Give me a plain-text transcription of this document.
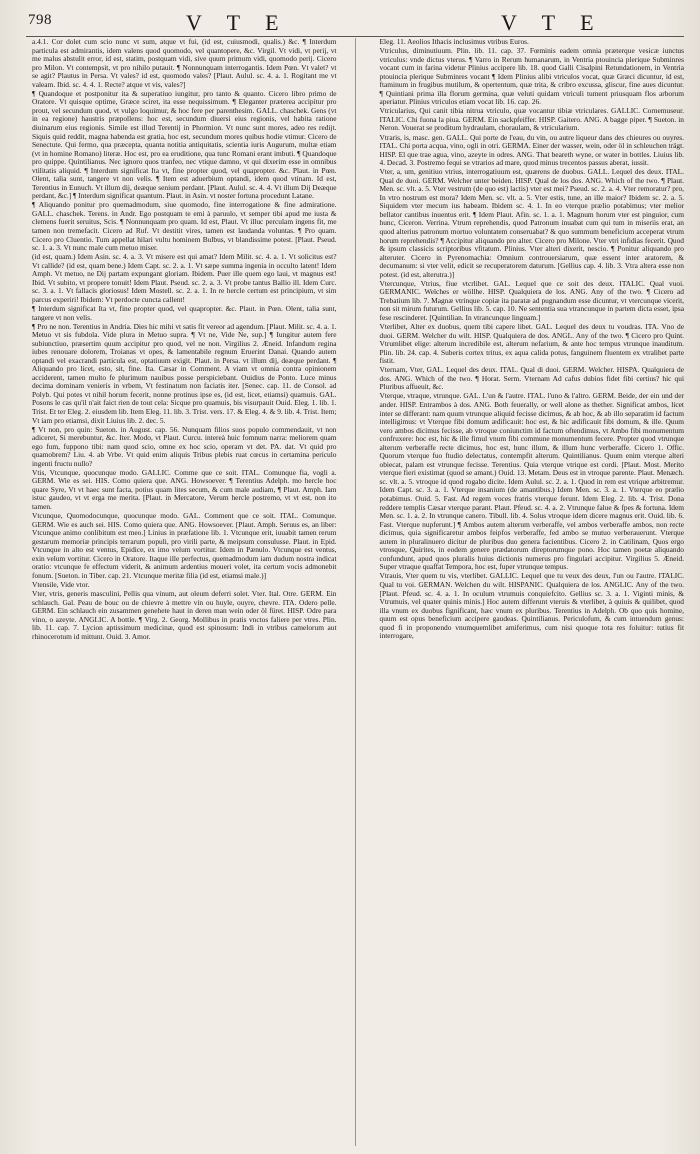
798	V T E	V T E

a.4.1. Cor dolet cum scio nunc vt sum, atque vt fui, (id est, cuiusmodi, qualis.) &c. ¶ Interdum particula est admirantis, idem valens quod quomodo, vel quantopere, &c. Virgil. Vt vidi, vt perij, vt me malus abstulit error, id est, statim, postquam vidi, sive quum primum vidi, quomodo perij. Cicero pro Milon. Vt contempsit, vt pro nihilo putauit. ¶ Nonnunquam interrogantis. Idem Pœn. Vt valet? vt se agit? Plautus in Persa. Vt vales? id est, quomodo vales? [Plaut. Aulul. sc. 4. a. 1. Rogitant me vt valeam. Ibid. sc. 4. 4. 1. Recte? atque vt vis, vales?]

¶ Quandoque et postponitur ita & superatiuo iungitur, pro tanto & quanto. Cicero libro primo de Oratore. Vt quisque optime, Græce sciret, ita esse nequissimum. ¶ Eleganter præterea accipitur pro prout, vel secundum quod, vt vulgo loquimur, & hoc fere per parenthesim. GALL. chaschek. Gens (vt in ea regione) haustris præpollens: hoc est, secundum diuersi eius regionis, vel habita ratione diuinarum eius regionis. Simile est illud Terentij in Phormion. Vt nunc sunt mores, adeo res redijt. Siquis quid reddit, magna habenda est gratia, hoc est, secundum mores quibus hodie vtimur. Cicero de Senectute. Qui fermo, qua præcepta, quanta notitia antiquitatis, scientia iuris Augurum, multæ etiam (vt in homine Romano) literæ. Hoc est, pro ea eruditione, qua tunc Romani erant imbuti. ¶ Quandoque pro quippe. Quintilianus. Nec ignoro quos tranfeo, nec vtique damno, vt qui dixerim esse in omnibus vtilitatis aliquid. ¶ Interdum significat Ita vt, fine propter quod, vel quapropter. &c. Plaut. in Pœn. Olent, talia sunt, tangere vt non velis. ¶ Item est aduerbium optandi, idem quod vtinam. Id est, Terentius in Eunuch. Vt illum dij, deæque senium perdant. [Plaut. Aulul. sc. 4. 4. Vt illum Dij Deæque perdant, &c.] ¶ Interdum significat quantum. Plaut. in Asin. vt noster fortuna procedunt Latane.

¶ Aliquando ponitur pro quemadmodum, siue quomodo, fine interrogatione & fine admiratione. GALL. chaschek. Terens. in Andr. Ego postquam te emi à paruulo, vt semper tibi apud me iusta & clemens fuerit seruitus, Scis. ¶ Nonnunquam pro quam. Id est, Plaut. Vt illuc perculam ingens fit, me tamen non tremefacit. Cicero ad Ruf. Vt destitit vires, tamen est laudanda voluntas. ¶ Pro quam. Cicero pro Cluentio. Tum appellat hilari vultu hominem Bulbus, vt blandissime potest. [Plaut. Pseud. sc. 1. a. 3. Vt nunc male cum metuo miser.

(id est, quam.) Idem Asin. sc. 4. a. 3. Vt misere est qui amat? Idem Milit. sc. 4. a. 1. Vt solicitus est? Vt callide? (id est, quam bene.) Idem Capt. sc. 2. a. 1. Vt sæpe summa ingenia in occulto latent! Idem Amph. Vt metuo, ne Dij partam expungant gloriam. Ibidem. Puer ille quem ego laui, vt magnus est! Ibid. Vt subito, vt propere tonuit! Idem Plaut. Pseud. sc. 2. a. 3. Vt probe tantus Ballio ill. Idem Curc. sc. 3. a. 1. Vt fallacis gloriosus! Idem Mostell. sc. 2. a. 1. In re hercle certum est principium, vt sim parcus experiri! Ibidem: Vt perdocte cuncta callent!

¶ Interdum significat Ita vt, fine propter quod, vel quapropter. &c. Plaut. in Pœn. Olent, talia sunt, tangere vt non velis.

¶ Pro ne non. Terentius in Andria. Dies hic mihi vt satis fit vereor ad agendum. [Plaut. Milit. sc. 4. a. 1. Metuo vt sis fubdola. Vide plura in Metuo supra. ¶ Vt ne, Vide Ne, sup.] ¶ Iungitur autem fere subiunctiuo, præsertim quum accipitur pro quod, vel ne non. Virgilius 2. Æneid. Infandum regina iubes renouare dolorem, Troianas vt opes, & lamentabile regnum Eruerint Danai. Quando autem optandi vel exacrandi particula est, optatiuum exigit. Plaut. in Persa. vt illum dij, deæque perdant. ¶ Aliquando pro licet, esto, sit, fine. Ita. Cæsar in Comment. A viam vt omnia contra opinionem acciderent, tamen multo fe plurimum nauibus posse perspiciebant. Ouidius de Ponto. Luce minus decima dominam venieris in vrbem, Vt festinatum non faciatis iter. [Senec. cap. 11. de Consol. ad Polyb. Qui potes vt nihil horum fecerit, nonne protinus ipse es, (id est, licet, etiamsi) quamuis. GAL. Posons le cas qu'il n'ait faict rien de tout cela: Sicque pro quamuis, bis visurpauit Ouid. Eleg. 1. lib. 1. Trist. Et ter Eleg. 2. eiusdem lib. Item Eleg. 11. lib. 3. Trist. vers. 17. & Eleg. 4. & 9. lib. 4. Trist. Item; Vt iam pro etiamsi, dixit Liuius lib. 2. dec. 5.

¶ Vt non, pro quin: Sueton. in August. cap. 56. Nunquam filios suos populo commendauit, vt non adiceret, Si merebuntur, &c. Iter. Modo, vt Plaut. Curcu. intereà huic fomnum narra: meliorem quam ego fum, fuppono tibi: nam quod scio, omne ex hoc scio, operam vt det. PA. dat. Vt quid pro quamobrem? Liu. 4. ab Vrbe. Vt quid enim aliquis Tribus plebis ruat cœcus in certamina periculo ingenti fructu nullo?

Vtis, Vtcunque, quocunque modo. GALLIC. Comme que ce soit. ITAL. Comunque fia, vogli a. GERM. Wie es sei. HIS. Como quiera que. ANG. Howsoever. ¶ Terentius Adelph. mo hercle hoc quare Syre, Vt vt haec sunt facta, potius quam lites secum, & cum male audiam, ¶ Plaut. Amph. Iam istuc gaudeo, vt vt erga me merita. [Plaut. in Mercatore, Verum hercle postremo, vt vt est, non ito tamen.

Vtcunque, Quomodocunque, quocunque modo. GAL. Comment que ce soit. ITAL. Comunque. GERM. Wie es auch sei. HIS. Como quiera que. ANG. Howsoever. [Plaut. Amph. Seruus es, an liber: Vtcunque animo conlibitum est meo.] Linius in præfatione lib. 1. Vtcunque erit, iuuabit tamen rerum gestarum memoriæ principis terrarum populi, pro virili parte, & meipsum consulusse. Plaut. in Epid. Vtcunque in alto est ventus, Epidice, ex imo velum vortitur. Idem in Pænulo. Vtcunque est ventus, exin velum vortitur. Cicero in Oratore. Itaque ille perfectus, quemadmodum iam dudum nostra indicat oratio: vtcunque fe effectum viderit, & animum ardentius moueri volet, ita certum vocis admonebit fonum. [Sueton. in Tiber. cap. 21. Vtcunque meritæ filia (id est, etiamsi male.)]

Vtensile, Vide vtor.

Vter, vtris, generis masculini, Pellis qua vinum, aut oleum deferri solet. Vter. Ital. Otre. GERM. Ein schlauch. Gal. Peau de bouc ou de chievre à mettre vin ou huyle, ouyre, chevre. ITA. Odero pelle. GERM. Ein schlauch ein zusammen genehete haut in deren man wein oder öl füret. HISP. Odre para vino, o azeyte. ANGLIC. A bottle. ¶ Virg. 2. Georg. Mollibus in pratis vnctos faliere per vtres. Plin. lib. 11. cap. 7. Lycion aptissimum medicinæ, quod est spinosum: Indi in vtribus camelorum aut rhinocerotum id mittunt. Ouid. 3. Amor.

Eleg. 11. Aeolios Ithacis inclusimus vtribus Euros.

Vtriculus, diminutiuum. Plin. lib. 11. cap. 37. Fœminis eadem omnia præterque vesicæ iunctus vtriculus: vnde dictus vterus. ¶ Varro in Rerum humanarum, in Ventria ptouincia plerique Subminres vocant cum in farina videtur Plinius accipere lib. 18. quod Galli Cisalpini Retundationem, in Ventria ptouincia plerique Subminres vocant ¶ Idem Plinius alibi vtriculos vocat, quæ Græci dicuntur, id est, ftaminum in frugibus mutilum, & opertentum, quæ trita, & cribro excussa, gliscur, fine aues dicuntur. ¶ Quintiani prima illa florum germina, quæ veluti quidam vtriculi tument priusquam flos arborum aperiatur. Plinius vtriculos etiam vocat lib. 16. cap. 26.

Vtricularius, Qui canit tibia nitrua vtriculo, quæ vocantur tibiæ vtriculares. GALLIC. Cornemuseur. ITALIC. Chi fuona la piua. GERM. Ein sackpfeiffer. HISP. Gaitero. ANG. A bagge piper. ¶ Sueton. in Neron. Vouerat se proditum hydraulam, choraulam, & vtricularium.

Vtraris, is, masc. gen. GALL. Qui porte de l'eau, du vin, ou autre liqueur dans des chieures ou ouyres. ITAL. Chi porta acqua, vino, ogli in otri. GERMA. Einer der wasser, wein, oder öl in schleuchen trägt. HISP. El que trae agua, vino, azeyte in odres. ANG. That beareth wyne, or water in bottles. Liuius lib. 4. Decad. 3. Postremo fequi se vtrarios ad mare, quod minus trecentos passus aberat, iussit.

Vter, a, um, genitiuo vtrius, interrogatiuum est, quærens de duobus. GALL. Lequel des deux. ITAL. Qual de duoi. GERM. Welcher unter beiden. HISP. Qual de los dos. ANG. Which of the two. ¶ Plaut. Men. sc. vlt. a. 5. Vter vestrum (de quo est) lactis) vter est mei? Pseud. sc. 2. a. 4. Vter remoratur? pro, In vtro nostrum est mora? Idem Men. sc. vlt. a. 5. Vter estis, tune, an ille maior? Ibidem sc. 2. a. 5. Siquidem vter mecum ius habeam. Ibidem sc. 4. 1. In eo vterque prælio potabimus; vter melior bellator cantibus inuentus erit. ¶ Idem Plaut. Afin. sc. 1. a. 1. Magnum horum vter est pinguior, cum hunc, Ciceron. Verrina. Vtrum reprehendis, quod Patronum inuabat cum qui tum in miseriis erat, an quod alterius patronum mortuo voluntatem conseruabat? & quo summum beneficium acceperat vtrum horum reprehendis? ¶ Accipitur aliquando pro alter. Cicero pro Milone. Vter vtri infidias fecerit. Quod & ipsum classicis scriptoribus vfitatum. Plinius. Vter alteri dixerit, nescio. ¶ Ponitur aliquando pro alteruter. Cicero in Pyrenomachia: Omnium controuersiarum, quæ essent inter aratorem, & decumanum: si vter velit, edicit se recuperatorem daturum. [Gellius cap. 4. lib. 3. Vtra altera esse non potest. (id est, alterutra.)]

Vtercunque, Vtrius, fiue vtcrlibet. GAL. Lequel que ce soit des deux. ITALIC. Qual vuoi. GERMANIC. Welches er wöllhe. HISP. Qualquiera de los. ANG. Any of the two. ¶ Cicero ad Trebatium lib. 7. Magnæ vtrinque copiæ ita paratæ ad pugnandum esse dicuntur, vt vtercunque vicerit, non sit mirum futurum. Gellius lib. 5. cap. 10. Ne sententia sua vtrancunque in partem dicta esset, ipsa fese rescinderet. [Quintilian. In vtrancunque linguam.]

Vterlibet, Alter ex duobus, quem tibi capere libet. GAL. Lequel des deux tu voudras. ITA. Vno de duoi. GERM. Welcher du wilt. HISP. Qualquiera de dos. ANGL. Any of the two. ¶ Cicero pro Quint. Vtrumlibet elige: alterum incredibile est, alterum nefarium, & ante hoc tempus vtrunque inauditum. Plin. lib. 24. cap. 4. Suberis cortex tritus, ex aqua calida potus, fanguinem fluentem ex vtralibet parte fistit.

Vternam, Vter, GAL. Lequel des deux. ITAL. Qual di duoi. GERM. Welcher. HISPA. Qualquiera de dos. ANG. Which of the two. ¶ Horat. Serm. Vternam Ad cafus dubios fidet fibi certius? hic qui Pluribus affueuit, &c.

Vterque, vtraque, vtrunque. GAL. L'un & l'autre. ITAL. l'uno & l'altro. GERM. Beide, der ein und der ander. HISP. Entrambos à dos. ANG. Both feuerally, or well alone as thether. Significat ambos, licet inter se differant: nam quum vtrunque aliquid fecisse dicimus, & ab hoc, & ab illo separatim id factum intelligimus: vt Vterque fibi domum ædificauit: hoc est, & hic ædificauit fibi domum, & ille. Quum vero ambos dicimus fecisse, ab vtroque coniunctim id factum oftendimus, vt Ambo fibi monumentum confruxere: hoc est, hic & ille fimul vnum fibi commune monumentum fecere. Propter quod vtrunque alterum verberaffe recte dicimus, hoc est, hunc illum, & illum hunc verberaffe. Cicero 1. Offic. Quorum vterque fuo ftudio delectatus, contempfit alterum. Quintilianus. Quum enim vterque alteri obiecat, palam est vtrunque fecisse. Terentius. Quia vterque vtrique est cordi. [Plaut. Most. Merito vterque fieri existimat (quod se amant.) Ouid. 13. Metam. Deus est in vtroque parente. Plaut. Menæch. sc. vlt. a. 5. vtroque id quod rogabo dicite. Idem Aulul. sc. 2. a. 1. Quod in rem est vtrique arbitremur. Idem Capt. sc. 3. a. 1. Vterque insanium (de amantibus.) Idem Men. sc. 3. a. 1. Vterque eo prælio potabimus. Ouid. 5. Fast. Ad regem voces fratris vterque ferunt. Idem Eleg. 2. lib. 4. Trist. Dona reddere templis Cæsar vterque parant. Plaut. Pfeud. sc. 4. a. 2. Vtrunque falue & fpes & fortuna. Idem Men. sc. 1. a. 2. In vtrunque canero. Tibull. lib. 4. Solus vtroque idem dicere magnus erit. Ouid. lib. 6. Fast. Vterque nupferunt.] ¶ Ambos autem alterum verberaffe, vel ambos verberaffe ambos, non recte dicimus, quia significaretur ambos feipfos verberaffe, fed ambo se mutuo verberauerunt. Vterque autem in pluralinuero dicitur de pluribus duo genera facientibus. Cicero 2. in Catilinam, Quos ergo vtrosque, Quirites, in eodem genere prædatorum direptorumque pono. Hoc tamen poetæ aliquando confundunt, apud quos pluralis huius dictionis numerus pro fingulari accipitur. Virgilius 5. Æneid. Super vtraque quaffat Tempora, hoc est, fuper vtrunque tempus.

Vtrauis, Vter quem tu vis, vterlibet. GALLIC. Lequel que tu veux des deux, l'un ou l'autre. ITALIC. Qual tu voi. GERMAN. Welchen du wilt. HISPANIC. Qualquiera de los. ANGLIC. Any of the two. [Plaut. Pfeud. sc. 4. a. 1. In oculum vtrumuis conquiefcito. Gellius sc. 3. a. 1. Viginti minis, & Vtrumuis, vel quater quinis minis.] Hoc autem differunt vteruis & vterlibet, à quiuis & quilibet, quod illa vnum ex duobus fignificant, hæc vnum ex pluribus. Terentius in Adelph. Ob quo quis homine, quum est opus beneficium accipere gaudeas. Quintilianus. Periculofum, & cum intuendum genus: quod fi in proponendo vnumquemlibet amiferimus, cum nisi quoque tota res foluitur: tutius fit interrogare,
